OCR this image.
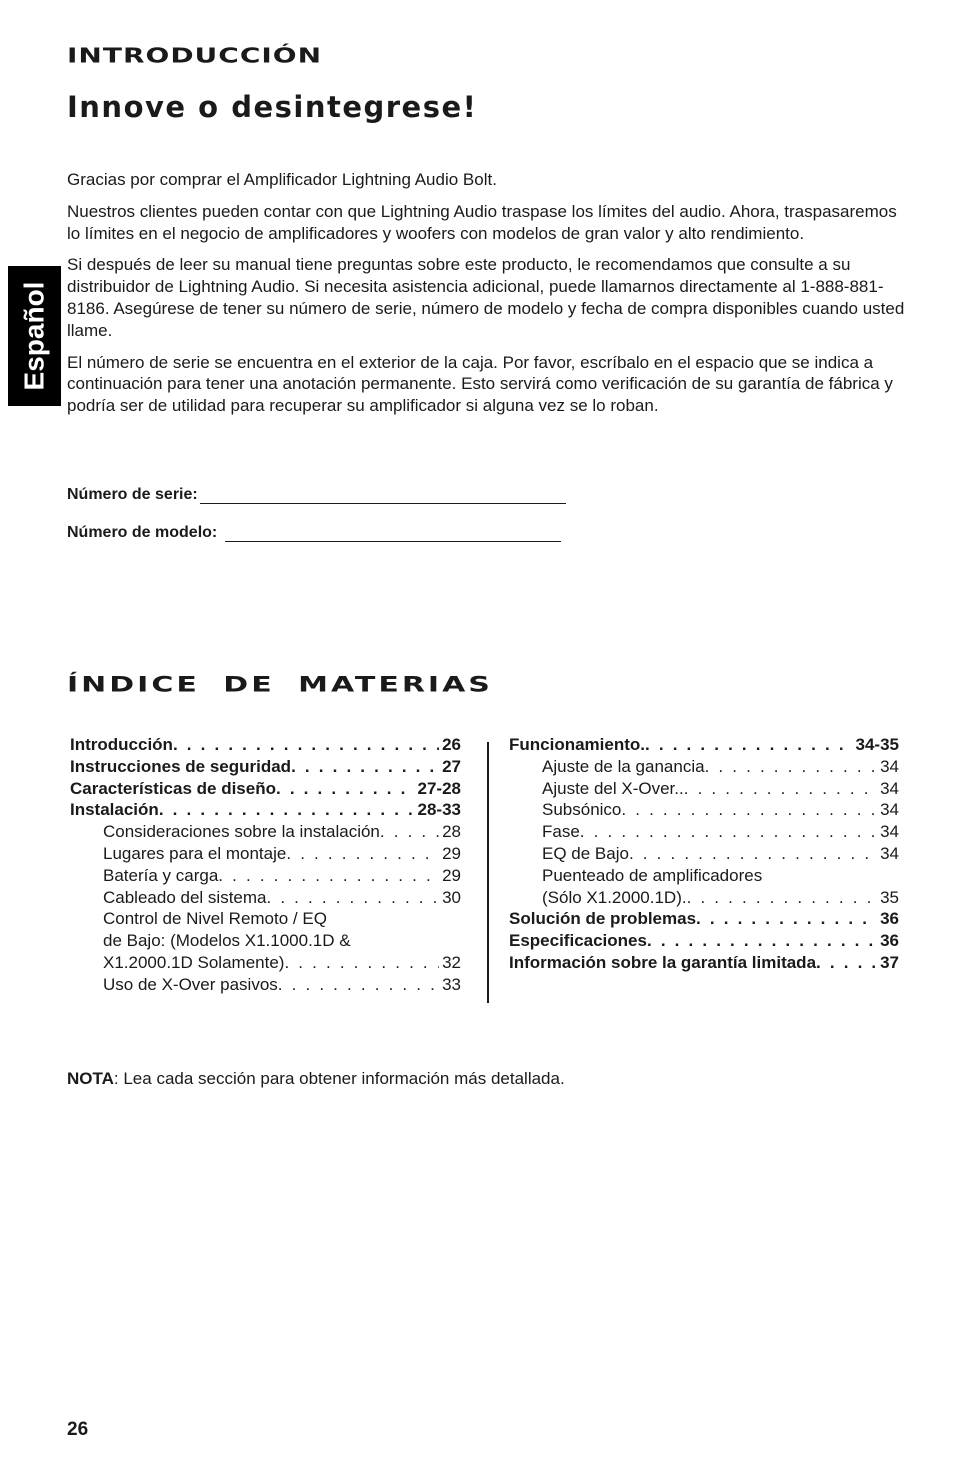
INTRODUCCIÓN
Innove o desintegrese!
Español

Gracias por comprar el Amplificador Lightning Audio Bolt.

Nuestros clientes pueden contar con que Lightning Audio traspase los límites del audio. Ahora, traspasaremos lo límites en el negocio de amplificadores y woofers con modelos de gran valor y alto rendimiento.

Si después de leer su manual tiene preguntas sobre este producto, le recomendamos que consulte a su distribuidor de Lightning Audio. Si necesita asistencia adicional, puede llamarnos directamente al 1-888-881-8186. Asegúrese de tener su número de serie, número de modelo y fecha de compra disponibles cuando usted llame.

El número de serie se encuentra en el exterior de la caja. Por favor, escríbalo en el espacio que se indica a continuación para tener una anotación permanente. Esto servirá como verificación de su garantía de fábrica y podría ser de utilidad para recuperar su amplificador si alguna vez se lo roban.

Número de serie:
Número de modelo:
ÍNDICE DE MATERIAS
Introducción . . .	26
Instrucciones de seguridad . . .	27
Características de diseño . . .	27-28
Instalación . . .	28-33
Consideraciones sobre la instalación . . .	28
Lugares para el montaje . . .	29
Batería y carga . . .	29
Cableado del sistema . . .	30
Control de Nivel Remoto / EQ
de Bajo: (Modelos X1.1000.1D &
X1.2000.1D Solamente) . . .	32
Uso de X-Over pasivos . . .	33
Funcionamiento. . . .	34-35
Ajuste de la ganancia . . .	34
Ajuste del X-Over.. . . .	34
Subsónico . . .	34
Fase . . .	34
EQ de Bajo . . .	34
Puenteado de amplificadores
(Sólo X1.2000.1D). . . .	35
Solución de problemas . . .	36
Especificaciones . . .	36
Información sobre la garantía limitada . . .	37

NOTA: Lea cada sección para obtener información más detallada.

26
